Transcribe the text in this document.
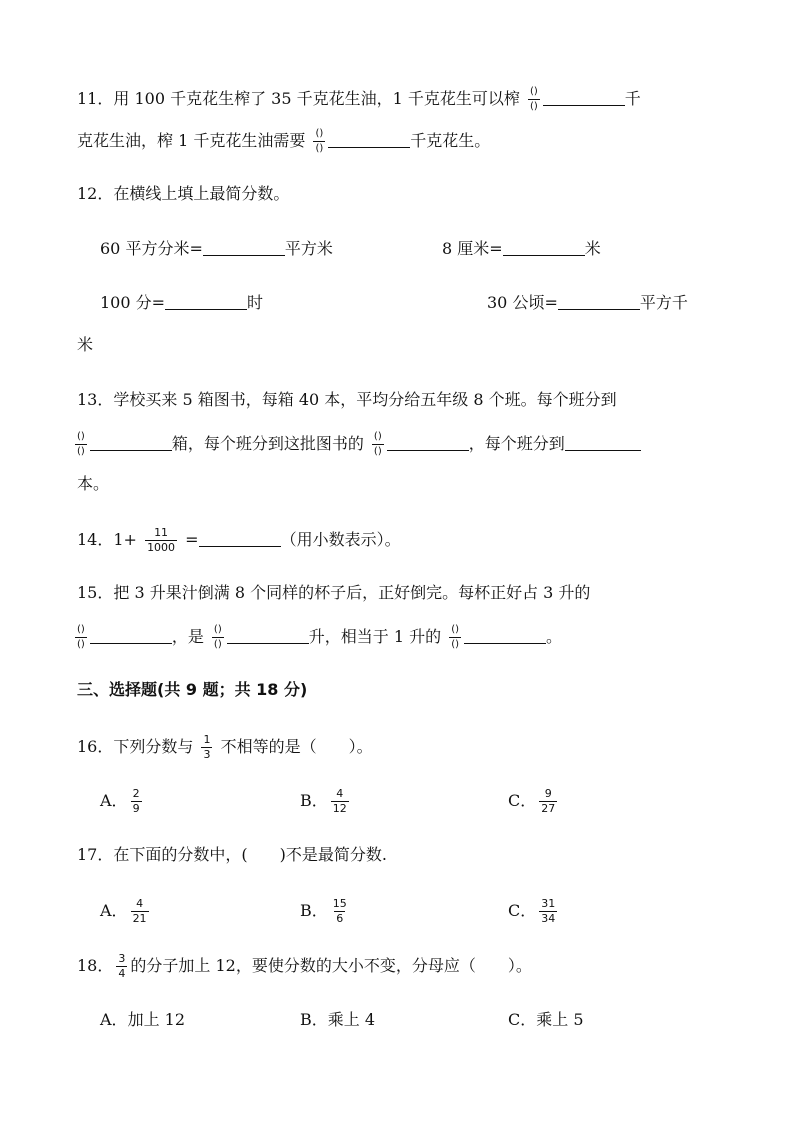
11．用 100 千克花生榨了 35 千克花生油，1 千克花生可以榨 $\frac{()}{()}$	千
克花生油，榨 1 千克花生油需要 $\frac{()}{()}$	千克花生。
12．在横线上填上最简分数。
60 平方分米=	平方米	8 厘米=	米
100 分=	时	30 公顷=	平方千
米
13．学校买来 5 箱图书，每箱 40 本，平均分给五年级 8 个班。每个班分到
$\frac{()}{()}$	箱，每个班分到这批图书的 $\frac{()}{()}$	，每个班分到
本。
14．$1+ \frac{11}{1000}$ =	（用小数表示）。
15．把 3 升果汁倒满 8 个同样的杯子后，正好倒完。每杯正好占 3 升的
$\frac{()}{()}$	，是 $\frac{()}{()}$	升，相当于 1 升的 $\frac{()}{()}$	。
三、选择题(共 9 题；共 18 分)
16．下列分数与 $\frac{1}{3}$ 不相等的是（　　）。
A． $\frac{2}{9}$	B． $\frac{4}{12}$	C． $\frac{9}{27}$
17．在下面的分数中，(　　)不是最简分数.
A． $\frac{4}{21}$	B． $\frac{15}{6}$	C． $\frac{31}{34}$
18． $\frac{3}{4}$ 的分子加上 12，要使分数的大小不变，分母应（　　）。
A．加上 12	B．乘上 4	C．乘上 5
